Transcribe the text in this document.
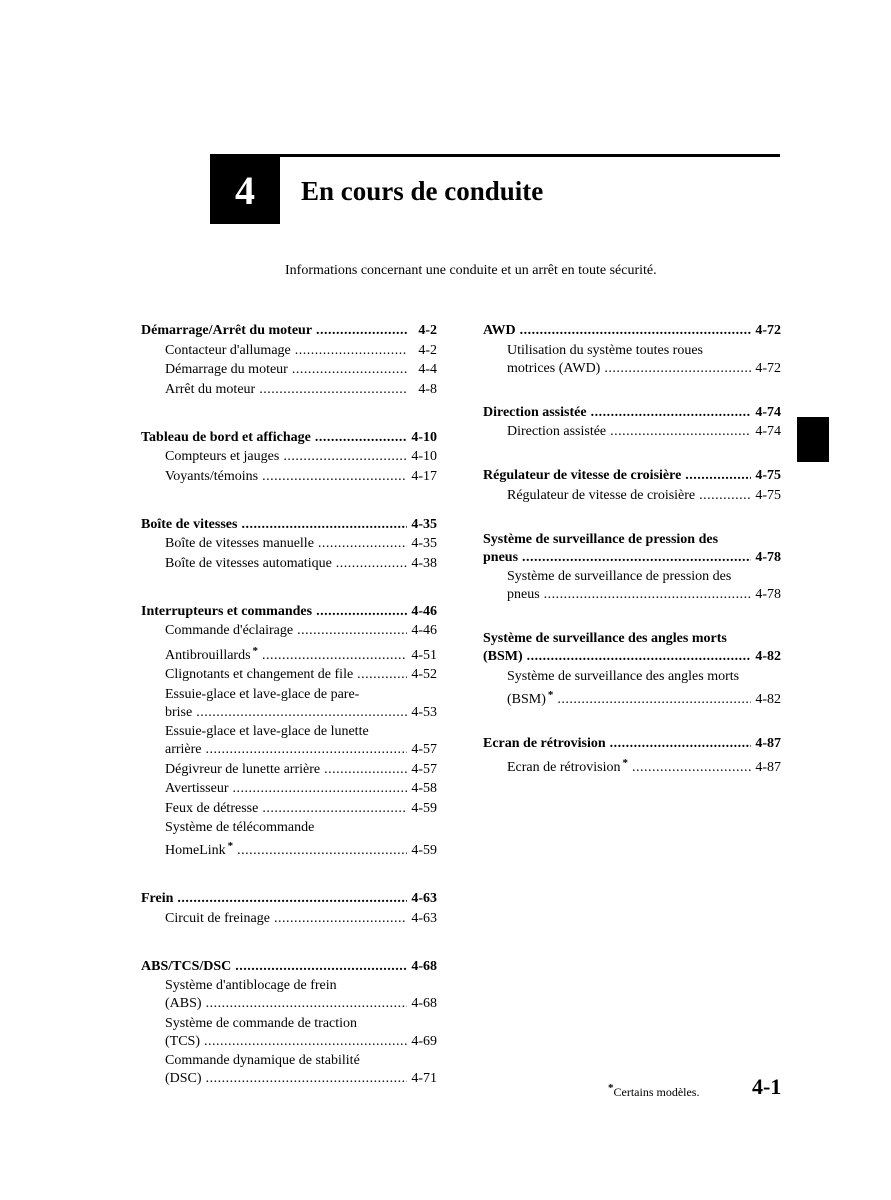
4	En cours de conduite
Informations concernant une conduite et un arrêt en toute sécurité.
Démarrage/Arrêt du moteur .....	4-2
Contacteur d'allumage .....	4-2
Démarrage du moteur .....	4-4
Arrêt du moteur .....	4-8
Tableau de bord et affichage .....	4-10
Compteurs et jauges .....	4-10
Voyants/témoins .....	4-17
Boîte de vitesses .....	4-35
Boîte de vitesses manuelle .....	4-35
Boîte de vitesses automatique .....	4-38
Interrupteurs et commandes .....	4-46
Commande d'éclairage .....	4-46
Antibrouillards * .....	4-51
Clignotants et changement de file .....	4-52
Essuie-glace et lave-glace de pare-
brise .....	4-53
Essuie-glace et lave-glace de lunette
arrière .....	4-57
Dégivreur de lunette arrière .....	4-57
Avertisseur .....	4-58
Feux de détresse .....	4-59
Système de télécommande
HomeLink * .....	4-59
Frein .....	4-63
Circuit de freinage .....	4-63
ABS/TCS/DSC .....	4-68
Système d'antiblocage de frein
(ABS) .....	4-68
Système de commande de traction
(TCS) .....	4-69
Commande dynamique de stabilité
(DSC) .....	4-71
AWD .....	4-72
Utilisation du système toutes roues
motrices (AWD) .....	4-72
Direction assistée .....	4-74
Direction assistée .....	4-74
Régulateur de vitesse de croisière .....	4-75
Régulateur de vitesse de croisière .....	4-75
Système de surveillance de pression des
pneus .....	4-78
Système de surveillance de pression des
pneus .....	4-78
Système de surveillance des angles morts
(BSM) .....	4-82
Système de surveillance des angles morts
(BSM) * .....	4-82
Ecran de rétrovision .....	4-87
Ecran de rétrovision * .....	4-87
*Certains modèles. 4-1
